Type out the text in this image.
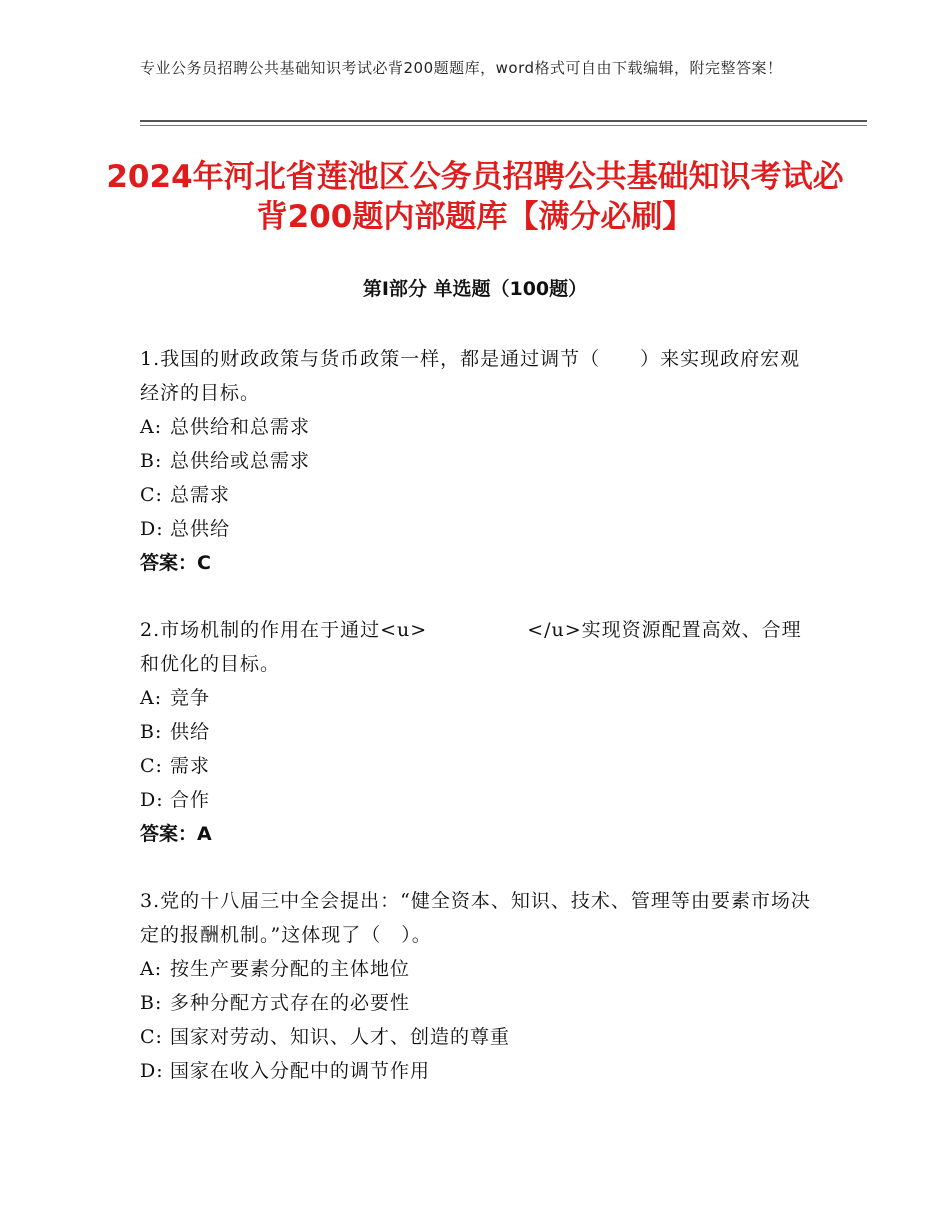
专业公务员招聘公共基础知识考试必背200题题库，word格式可自由下载编辑，附完整答案！
2024年河北省莲池区公务员招聘公共基础知识考试必背200题内部题库【满分必刷】
第Ⅰ部分 单选题（100题）

1.我国的财政政策与货币政策一样，都是通过调节（　　）来实现政府宏观经济的目标。

A: 总供给和总需求
B: 总供给或总需求
C: 总需求
D: 总供给
答案：C

2.市场机制的作用在于通过<u>　　　　　</u>实现资源配置高效、合理和优化的目标。

A: 竞争
B: 供给
C: 需求
D: 合作
答案：A

3.党的十八届三中全会提出：“健全资本、知识、技术、管理等由要素市场决定的报酬机制。”这体现了（　）。

A: 按生产要素分配的主体地位
B: 多种分配方式存在的必要性
C: 国家对劳动、知识、人才、创造的尊重
D: 国家在收入分配中的调节作用
